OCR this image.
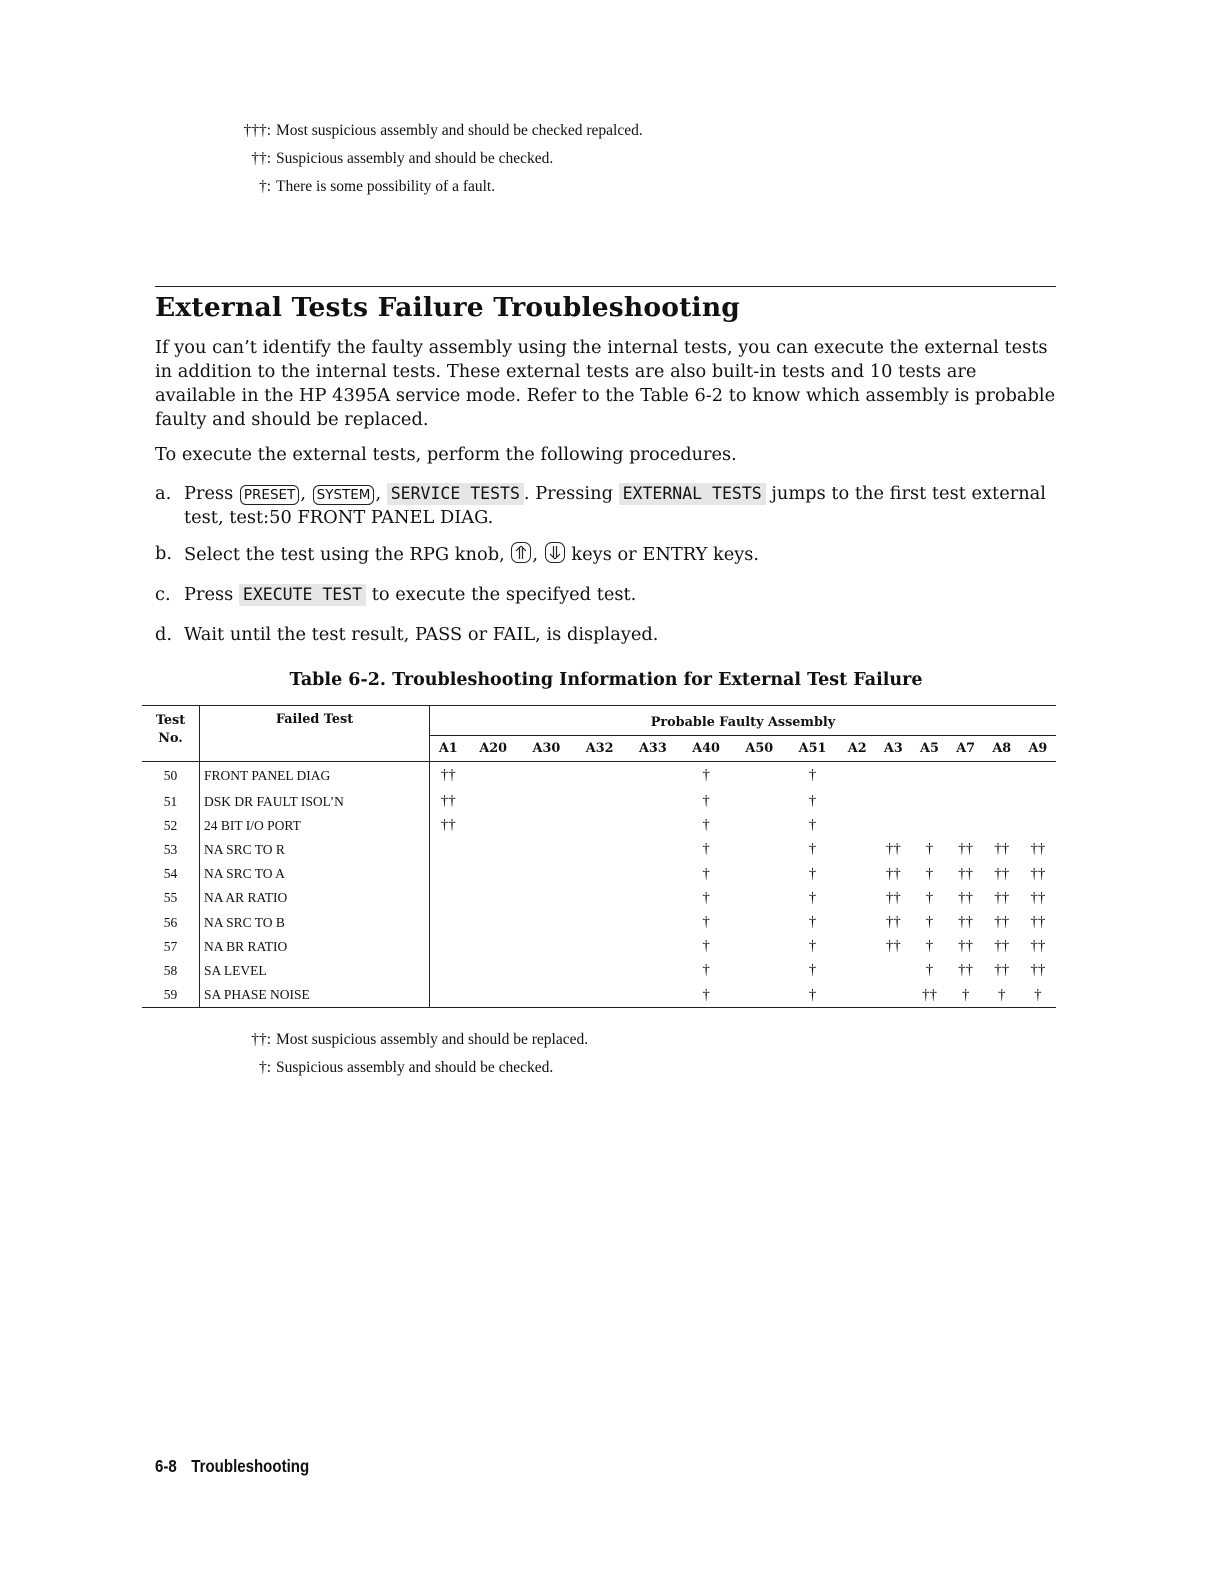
†††: Most suspicious assembly and should be checked repalced.
††: Suspicious assembly and should be checked.
†: There is some possibility of a fault.
External Tests Failure Troubleshooting

If you can’t identify the faulty assembly using the internal tests, you can execute the external tests in addition to the internal tests. These external tests are also built-in tests and 10 tests are available in the HP 4395A service mode. Refer to the Table 6-2 to know which assembly is probable faulty and should be replaced.

To execute the external tests, perform the following procedures.

a. Press PRESET , SYSTEM , SERVICE TESTS . Pressing EXTERNAL TESTS jumps to the first test external test, test:50 FRONT PANEL DIAG.
b. Select the test using the RPG knob, ,
keys or ENTRY keys.
c. Press EXECUTE TEST to execute the specifyed test.
d. Wait until the test result, PASS or FAIL, is displayed.
Table 6-2. Troubleshooting Information for External Test Failure
Test No.	Failed Test	Probable Faulty Assembly													
		A1	A20	A30	A32	A33	A40	A50	A51	A2	A3	A5	A7	A8	A9
50	FRONT PANEL DIAG	††					†		†						
51	DSK DR FAULT ISOL’N	††					†		†						
52	24 BIT I/O PORT	††					†		†						
53	NA SRC TO R						†		†		††	†	††	††	††
54	NA SRC TO A						†		†		††	†	††	††	††
55	NA AR RATIO						†		†		††	†	††	††	††
56	NA SRC TO B						†		†		††	†	††	††	††
57	NA BR RATIO						†		†		††	†	††	††	††
58	SA LEVEL						†		†			†	††	††	††
59	SA PHASE NOISE						†		†			††	†	†	†
††: Most suspicious assembly and should be replaced.
†: Suspicious assembly and should be checked.
6-8 Troubleshooting
